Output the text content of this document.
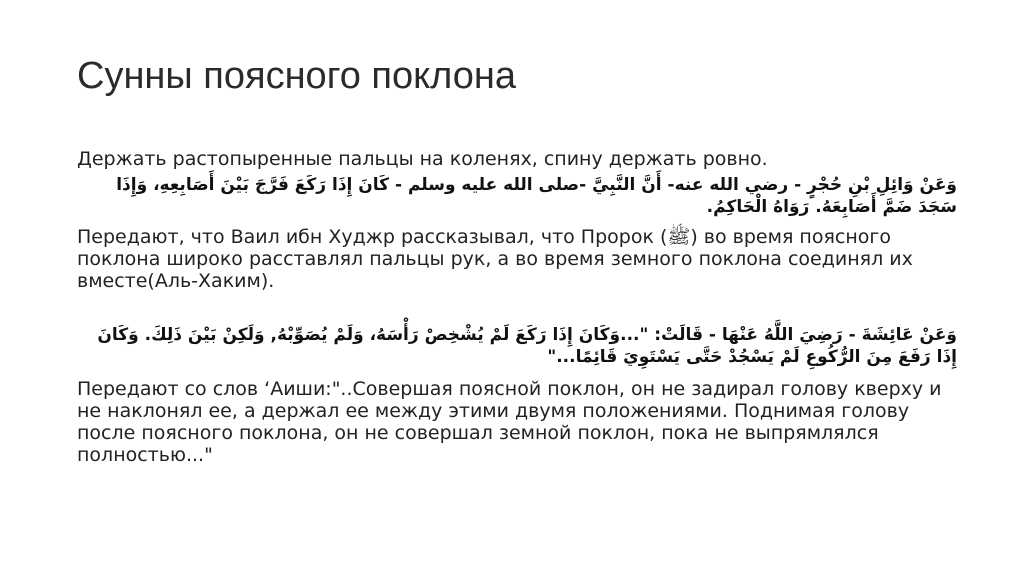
Сунны поясного поклона

Держать растопыренные пальцы на коленях, спину держать ровно.

وَعَنْ وَائِلِ بْنِ حُجْرٍ - رضي الله عنه- أَنَّ النَّبِيَّ -صلى الله عليه وسلم - كَانَ إِذَا رَكَعَ فَرَّجَ بَيْنَ أَصَابِعِهِ، وَإِذَا سَجَدَ ضَمَّ أَصَابِعَهُ. رَوَاهُ الْحَاكِمُ.

Передают, что Ваил ибн Худжр рассказывал, что Пророк (ﷺ) во время поясного поклона широко расставлял пальцы рук, а во время земного поклона соединял их вместе(Аль-Хаким).

وَعَنْ عَائِشَةَ - رَضِيَ اللَّهُ عَنْهَا - قَالَتْ: "...وَكَانَ إِذَا رَكَعَ لَمْ يُشْخِصْ رَأْسَهُ، وَلَمْ يُصَوِّبْهُ, وَلَكِنْ بَيْنَ ذَلِكَ. وَكَانَ إِذَا رَفَعَ مِنَ الرُّكُوعِ لَمْ يَسْجُدْ حَتَّى يَسْتَوِيَ قَائِمًا..."

Передают со слов ‘Аиши:"..Совершая поясной поклон, он не задирал голову кверху и не наклонял ее, а держал ее между этими двумя положениями. Поднимая голову после поясного поклона, он не совершал земной поклон, пока не выпрямлялся полностью..."
